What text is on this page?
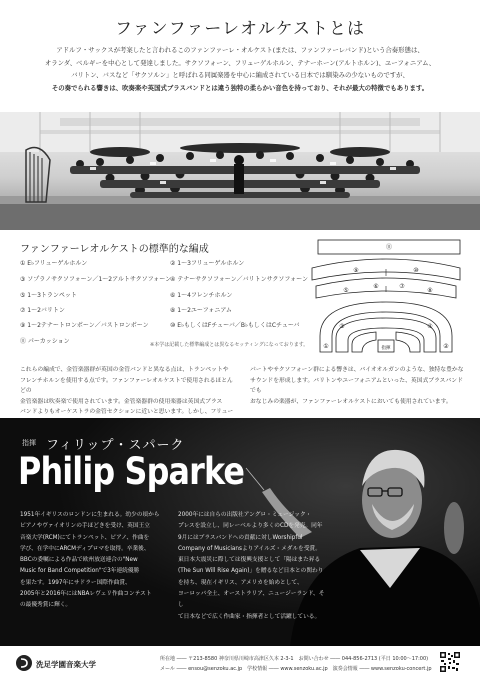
ファンファーレオルケストとは
アドルフ・サックスが考案したと言われるこのファンファーレ・オルケスト(または、ファンファーレバンド)という合奏形態は、
オランダ、ベルギーを中心として発達しました。サクソフォーン、フリューゲルホルン、テナーホーン(アルトホルン)、ユーフォニアム、
バリトン、バスなど「サクソルン」と呼ばれる同属楽器を中心に編成されている日本では馴染みの少ないものですが、
その奏でられる響きは、吹奏楽や英国式ブラスバンドとは違う独特の柔らかい音色を持っており、それが最大の特徴でもあります。
ファンファーレオルケストの標準的な編成
① E♭フリューゲルホルン
③ ソプラノサクソフォーン／1～2アルトサクソフォーン
⑤ 1～3トランペット
⑦ 1～2バリトン
⑨ 1～2テナートロンボーン／バストロンボーン
⑪ パーカッション
② 1～3フリューゲルホルン
④ テナーサクソフォーン／バリトンサクソフォーン
⑥ 1～4フレンチホルン
⑧ 1～2ユーフォニアム
⑩ E♭もしくはFチューバ／B♭もしくはCチューバ
※本学は記載した標準編成とは異なるセッティングになっております。
⑪
⑨	⑩
⑤
⑥	⑦
⑧
③	④
①	②
指揮
これらの編成で、金管楽器群が英国の金管バンドと異なる点は、トランペットや
フレンチホルンを使用する点です。ファンファーレオルケストで使用されるほとんどの
金管楽器は吹奏楽で使用されています。金管楽器群の使用楽器は英国式ブラス
バンドよりもオーケストラの金管セクションに近いと思います。しかし、フリュー
パートやサクソフォーン群による響きは、バイオオルガンのような、独特な豊かな
サウンドを形成します。バリトンやユーフォニアムといった、英国式ブラスバンドでも
おなじみの楽器が、ファンファーレオルケストにおいても使用されています。
指揮 フィリップ・スパーク
Philip Sparke
1951年イギリスのロンドンに生まれる。幼少の頃から
ピアノやヴァイオリンの手ほどきを受け、英国王立
音楽大学(RCM)にてトランペット、ピアノ、作曲を
学び、在学中にARCMディプロマを取得。卒業後、
BBCの委嘱による作品で欧州放送連合の"New
Music for Band Competition"で3年連続優勝
を果たす。1997年にサドラー国際作曲賞、
2005年と2016年にはNBAレヴェリ作曲コンテスト
の最優秀賞に輝く。
2000年には自らの出版社アングロ・ミュージック・
プレスを設立し、同レーベルより多くのCDを発売。同年
9月にはブラスバンドへの貢献に対しWorshipful
Company of Musiciansよりアイルズ・メダルを受賞。
東日本大震災に際しては復興支援として「陽はまた昇る
(The Sun Will Rise Again)」を贈るなど日本との関わり
を持ち、現在イギリス、アメリカを始めとして、
ヨーロッパ全土、オーストラリア、ニュージーランド、そし
て日本などで広く作曲家・指揮者として活躍している。
洗足学園音楽大学
所在地 ―― 〒213-8580 神奈川県川崎市高津区久本 2-3-1　お問い合わせ ―― 044-856-2713 (平日 10:00～17:00)
メール ―― ensou@senzoku.ac.jp　学校情報 ―― www.senzoku.ac.jp　演奏会情報 ―― www.senzoku-concert.jp
